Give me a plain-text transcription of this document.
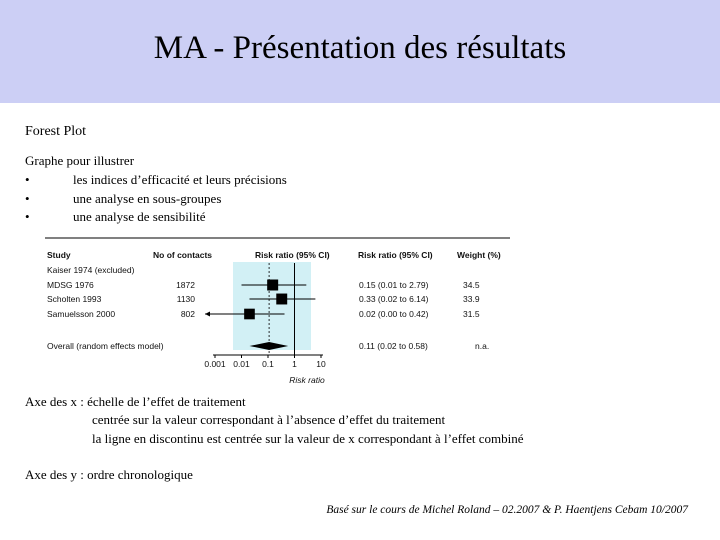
MA - Présentation des résultats
Forest Plot
Graphe pour illustrer
•	les indices d’efficacité et leurs précisions
•	une analyse en sous-groupes
•	une analyse de sensibilité
Study	No of contacts	Risk ratio (95% CI)	Risk ratio (95% CI)	Weight (%)
Kaiser 1974 (excluded)
MDSG 1976	1872	0.15 (0.01 to 2.79)	34.5
Scholten 1993	1130	0.33 (0.02 to 6.14)	33.9
Samuelsson 2000	802	0.02 (0.00 to 0.42)	31.5
Overall (random effects model)	0.11 (0.02 to 0.58)	n.a.
0.001 0.01 0.1 1 10
Risk ratio
Axe des x : échelle de l’effet de traitement
centrée sur la valeur correspondant à l’absence d’effet du traitement
la ligne en discontinu est centrée sur la valeur de x correspondant à l’effet combiné
Axe des y : ordre chronologique
Basé sur le cours de Michel Roland – 02.2007 & P. Haentjens Cebam 10/2007
